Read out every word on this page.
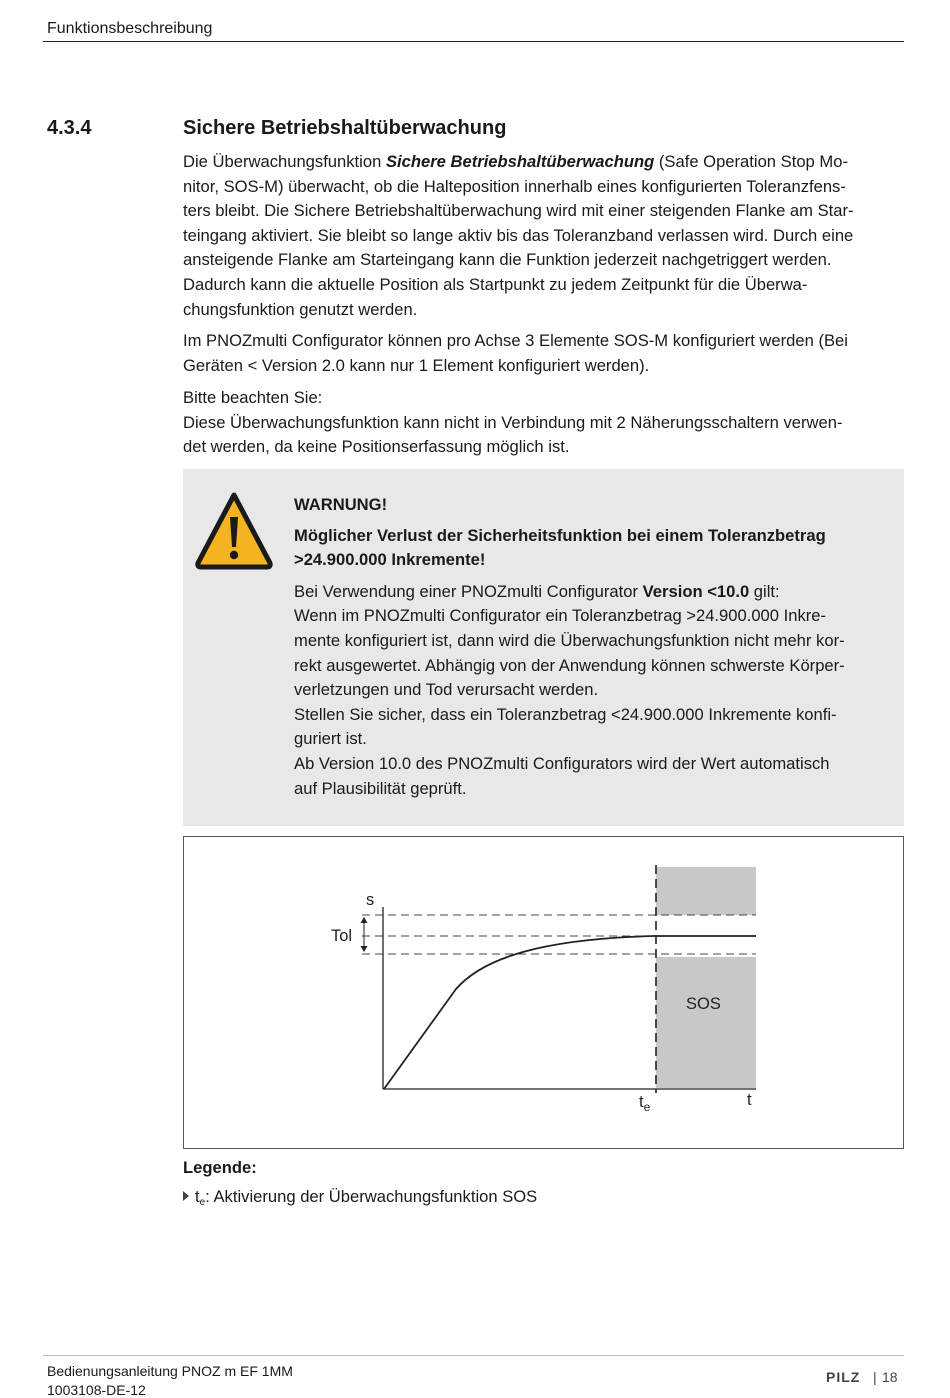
Funktionsbeschreibung
4.3.4	Sichere Betriebshaltüberwachung
Die Überwachungsfunktion Sichere Betriebshaltüberwachung (Safe Operation Stop Mo-
nitor, SOS-M) überwacht, ob die Halteposition innerhalb eines konfigurierten Toleranzfens-
ters bleibt. Die Sichere Betriebshaltüberwachung wird mit einer steigenden Flanke am Star-
teingang aktiviert. Sie bleibt so lange aktiv bis das Toleranzband verlassen wird. Durch eine
ansteigende Flanke am Starteingang kann die Funktion jederzeit nachgetriggert werden.
Dadurch kann die aktuelle Position als Startpunkt zu jedem Zeitpunkt für die Überwa-
chungsfunktion genutzt werden.
Im PNOZmulti Configurator können pro Achse 3 Elemente SOS-M konfiguriert werden (Bei
Geräten < Version 2.0 kann nur 1 Element konfiguriert werden).
Bitte beachten Sie:
Diese Überwachungsfunktion kann nicht in Verbindung mit 2 Näherungsschaltern verwen-
det werden, da keine Positionserfassung möglich ist.
WARNUNG!
Möglicher Verlust der Sicherheitsfunktion bei einem Toleranzbetrag
>24.900.000 Inkremente!
Bei Verwendung einer PNOZmulti Configurator Version <10.0 gilt:
Wenn im PNOZmulti Configurator ein Toleranzbetrag >24.900.000 Inkre-
mente konfiguriert ist, dann wird die Überwachungsfunktion nicht mehr kor-
rekt ausgewertet. Abhängig von der Anwendung können schwerste Körper-
verletzungen und Tod verursacht werden.
Stellen Sie sicher, dass ein Toleranzbetrag <24.900.000 Inkremente konfi-
guriert ist.
Ab Version 10.0 des PNOZmulti Configurators wird der Wert automatisch
auf Plausibilität geprüft.
s
Tol
SOS
$t_e$	t
Legende:
$t_e$: Aktivierung der Überwachungsfunktion SOS
Bedienungsanleitung PNOZ m EF 1MM
1003108-DE-12
PILZ | 18
